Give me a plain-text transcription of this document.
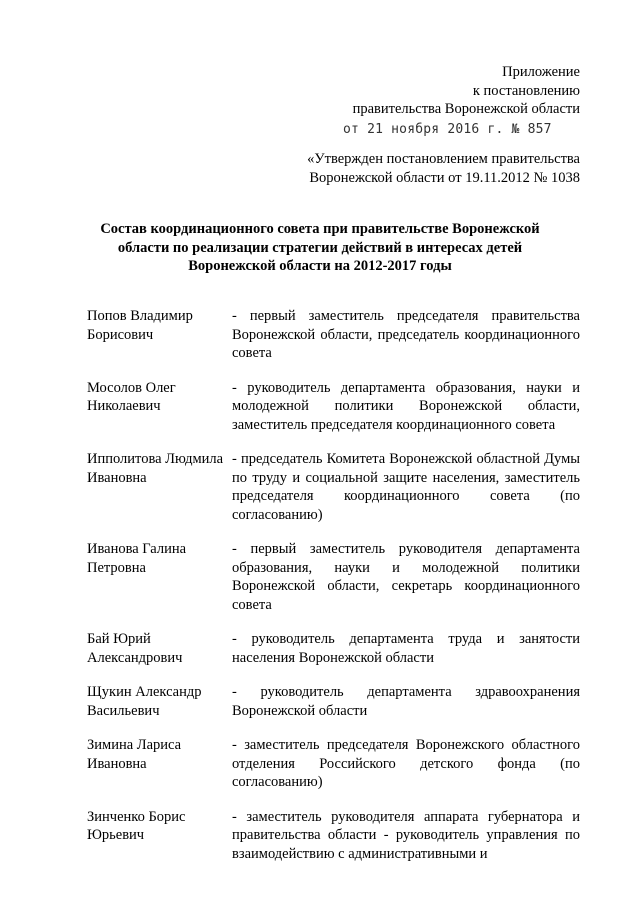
Приложение
к постановлению
правительства Воронежской области
от 21 ноября 2016 г. № 857
«Утвержден постановлением правительства
Воронежской области от 19.11.2012 № 1038
Состав координационного совета при правительстве Воронежской
области по реализации стратегии действий в интересах детей
Воронежской области на 2012-2017 годы
Попов Владимир
Борисович
- первый заместитель председателя правительства Воронежской области, председатель координационного совета
Мосолов Олег
Николаевич
- руководитель департамента образования, науки и молодежной политики Воронежской области, заместитель председателя координационного совета
Ипполитова Людмила
Ивановна
- председатель Комитета Воронежской областной Думы по труду и социальной защите населения, заместитель председателя координационного совета (по согласованию)
Иванова Галина
Петровна
- первый заместитель руководителя департамента образования, науки и молодежной политики Воронежской области, секретарь координационного совета
Бай Юрий
Александрович
- руководитель департамента труда и занятости населения Воронежской области
Щукин Александр
Васильевич
- руководитель департамента здравоохранения Воронежской области
Зимина Лариса
Ивановна
- заместитель председателя Воронежского областного отделения Российского детского фонда (по согласованию)
Зинченко Борис
Юрьевич
- заместитель руководителя аппарата губернатора и правительства области - руководитель управления по взаимодействию с административными и
